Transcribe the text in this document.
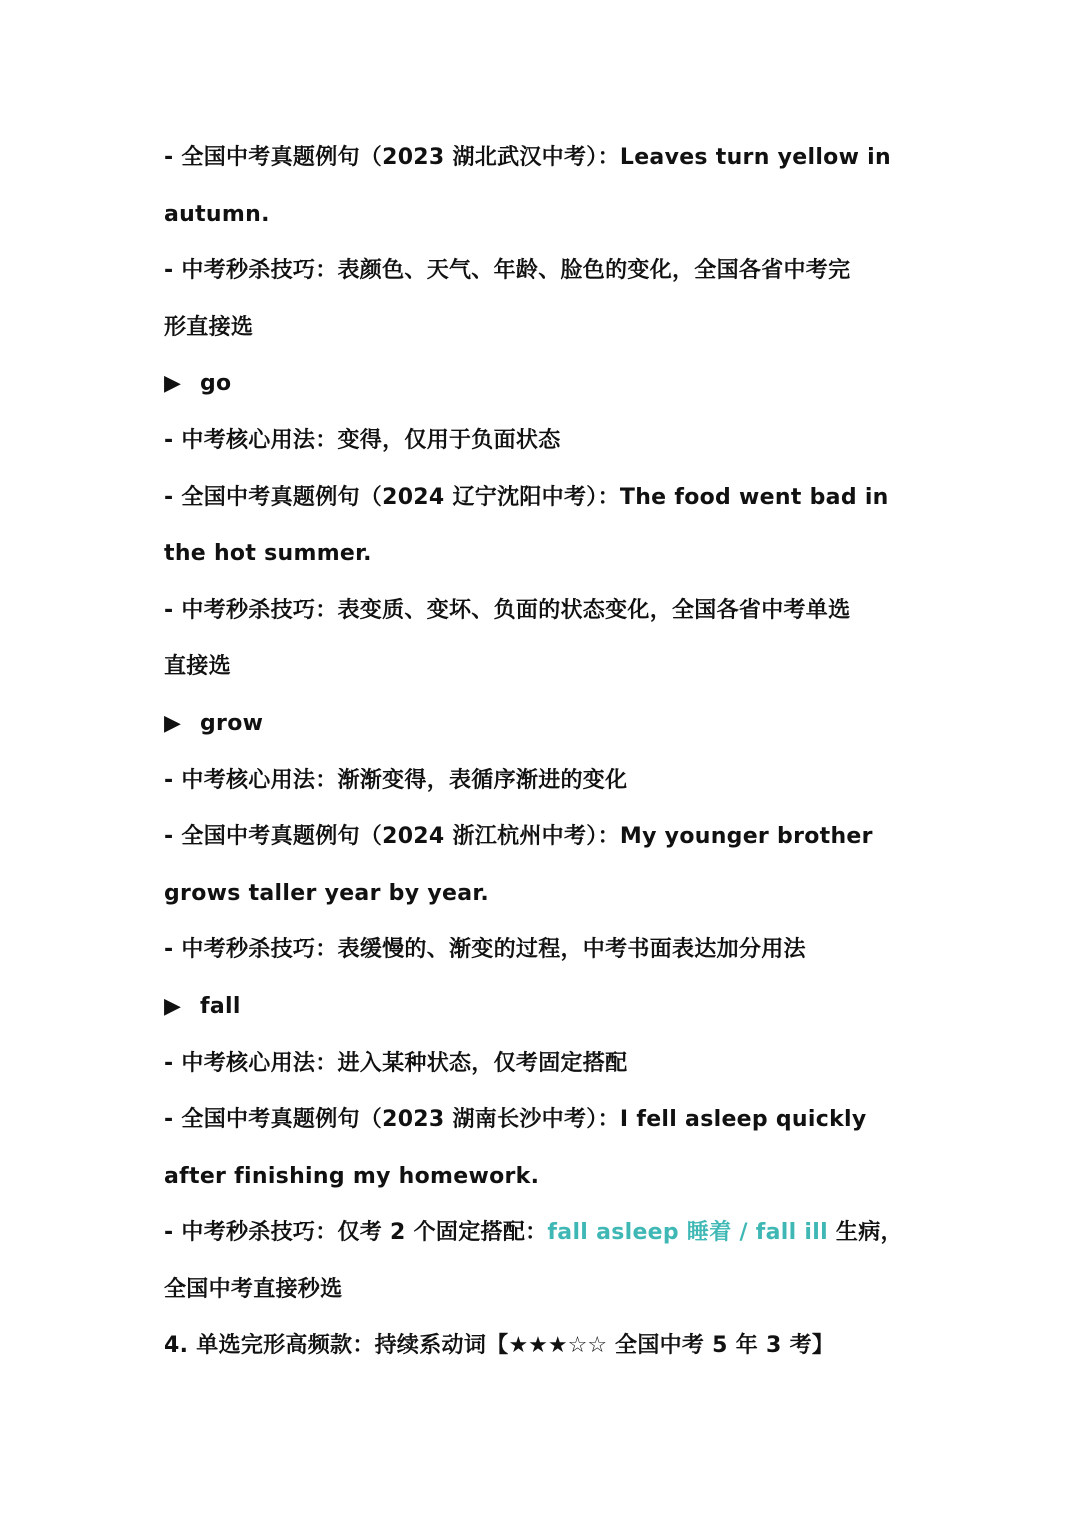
- 全国中考真题例句（2023 湖北武汉中考）：Leaves turn yellow in
autumn.
- 中考秒杀技巧：表颜色、天气、年龄、脸色的变化，全国各省中考完
形直接选
▶ go
- 中考核心用法：变得，仅用于负面状态
- 全国中考真题例句（2024 辽宁沈阳中考）：The food went bad in
the hot summer.
- 中考秒杀技巧：表变质、变坏、负面的状态变化，全国各省中考单选
直接选
▶ grow
- 中考核心用法：渐渐变得，表循序渐进的变化
- 全国中考真题例句（2024 浙江杭州中考）：My younger brother
grows taller year by year.
- 中考秒杀技巧：表缓慢的、渐变的过程，中考书面表达加分用法
▶ fall
- 中考核心用法：进入某种状态，仅考固定搭配
- 全国中考真题例句（2023 湖南长沙中考）：I fell asleep quickly
after finishing my homework.
- 中考秒杀技巧：仅考 2 个固定搭配：fall asleep 睡着 / fall ill 生病，
全国中考直接秒选
4. 单选完形高频款：持续系动词【★★★☆☆ 全国中考 5 年 3 考】
